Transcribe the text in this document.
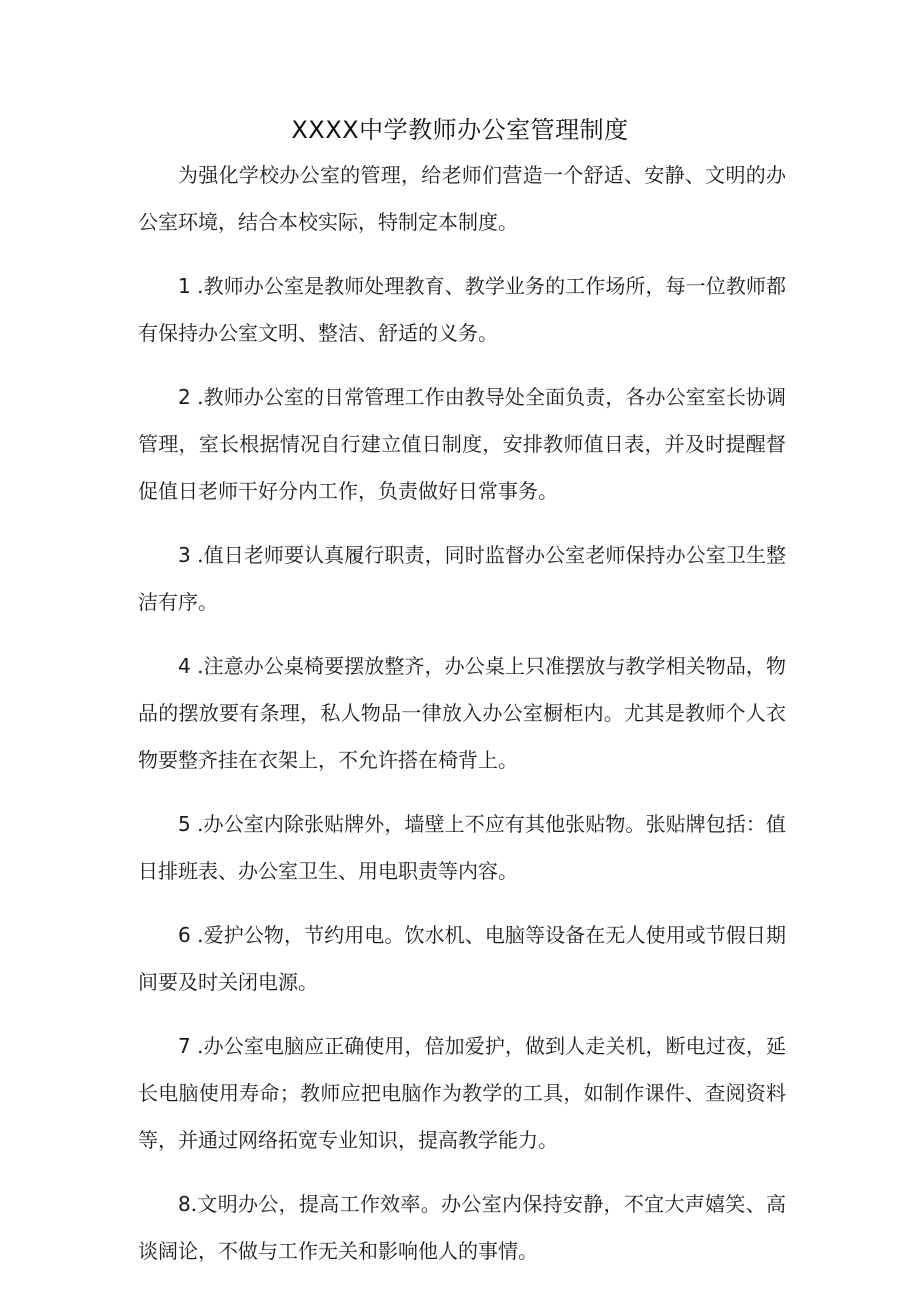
XXXX中学教师办公室管理制度

为强化学校办公室的管理，给老师们营造一个舒适、安静、文明的办公室环境，结合本校实际，特制定本制度。

1 .教师办公室是教师处理教育、教学业务的工作场所，每一位教师都有保持办公室文明、整洁、舒适的义务。

2 .教师办公室的日常管理工作由教导处全面负责，各办公室室长协调管理，室长根据情况自行建立值日制度，安排教师值日表，并及时提醒督促值日老师干好分内工作，负责做好日常事务。

3 .值日老师要认真履行职责，同时监督办公室老师保持办公室卫生整洁有序。

4 .注意办公桌椅要摆放整齐，办公桌上只准摆放与教学相关物品，物品的摆放要有条理，私人物品一律放入办公室橱柜内。尤其是教师个人衣物要整齐挂在衣架上，不允许搭在椅背上。

5 .办公室内除张贴牌外，墙壁上不应有其他张贴物。张贴牌包括：值日排班表、办公室卫生、用电职责等内容。

6 .爱护公物，节约用电。饮水机、电脑等设备在无人使用或节假日期间要及时关闭电源。

7 .办公室电脑应正确使用，倍加爱护，做到人走关机，断电过夜，延长电脑使用寿命；教师应把电脑作为教学的工具，如制作课件、查阅资料等，并通过网络拓宽专业知识，提高教学能力。

8.文明办公，提高工作效率。办公室内保持安静，不宜大声嬉笑、高谈阔论，不做与工作无关和影响他人的事情。
